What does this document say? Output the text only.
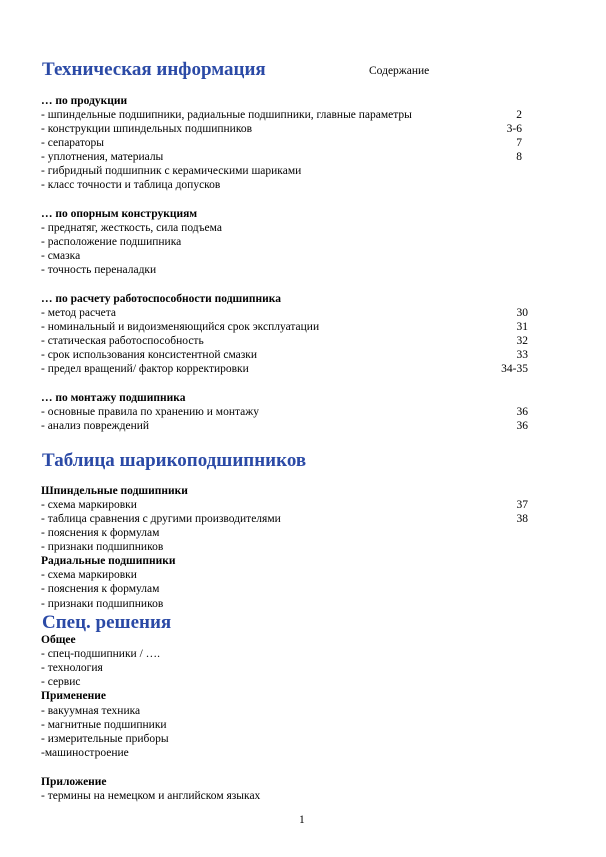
Техническая информация	Содержание
… по продукции
- шпиндельные подшипники, радиальные подшипники, главные параметры	2
- конструкции шпиндельных подшипников	3-6
- сепараторы	7
- уплотнения, материалы	8
- гибридный подшипник с керамическими шариками
- класс точности и таблица допусков
… по опорным конструкциям
- преднатяг, жесткость, сила подъема
- расположение подшипника
- смазка
- точность переналадки
… по расчету работоспособности подшипника
- метод расчета	30
- номинальный и видоизменяющийся срок эксплуатации	31
- статическая работоспособность	32
- срок использования консистентной смазки	33
- предел вращений/ фактор корректировки	34-35
… по монтажу подшипника
- основные правила по хранению и монтажу	36
- анализ повреждений	36
Таблица шарикоподшипников
Шпиндельные подшипники
- схема маркировки	37
- таблица сравнения с другими производителями	38
- пояснения к формулам
- признаки подшипников
Радиальные подшипники
- схема маркировки
- пояснения к формулам
- признаки подшипников
Спец. решения
Общее
- спец-подшипники / ….
- технология
- сервис
Применение
- вакуумная техника
- магнитные подшипники
- измерительные приборы
-машиностроение
Приложение
- термины на немецком и английском языках
1
